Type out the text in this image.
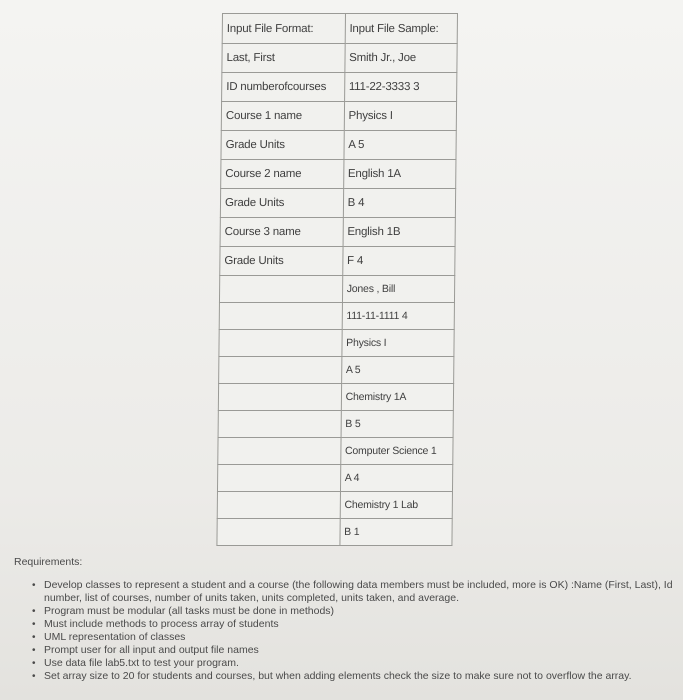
Input File Format:	Input File Sample:
Last, First	Smith Jr., Joe
ID numberofcourses	111-22-3333 3
Course 1 name	Physics I
Grade Units	A 5
Course 2 name	English 1A
Grade Units	B 4
Course 3 name	English 1B
Grade Units	F 4
	Jones , Bill
	111-11-1111 4
	Physics I
	A 5
	Chemistry 1A
	B 5
	Computer Science 1
	A 4
	Chemistry 1 Lab
	B 1

Requirements:

• Develop classes to represent a student and a course (the following data members must be included, more is OK) :Name (First, Last), Id number, list of courses, number of units taken, units completed, units taken, and average.
• Program must be modular (all tasks must be done in methods)
• Must include methods to process array of students
• UML representation of classes
• Prompt user for all input and output file names
• Use data file lab5.txt to test your program.
• Set array size to 20 for students and courses, but when adding elements check the size to make sure not to overflow the array.
